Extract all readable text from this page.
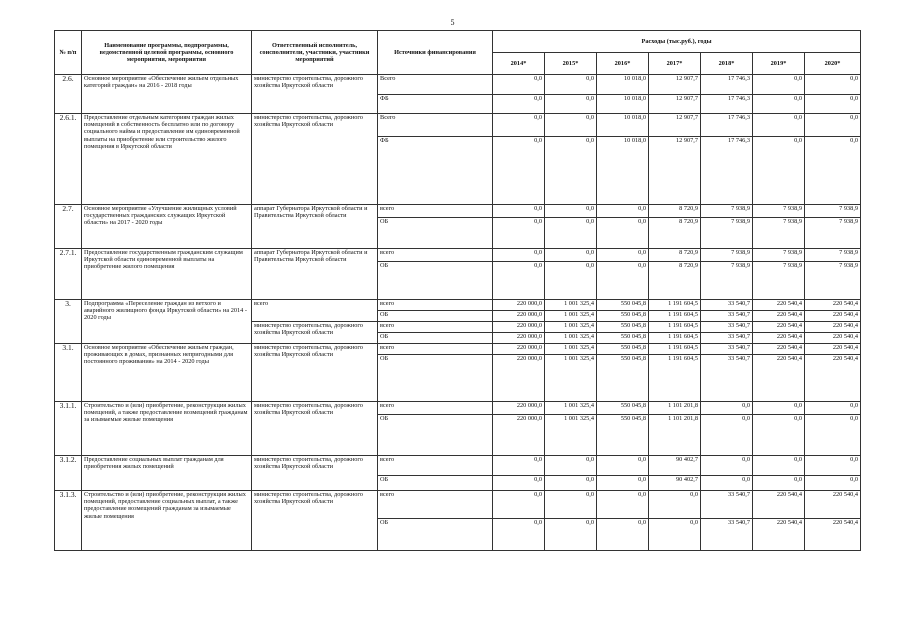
5
№ п/п	Наименование программы, подпрограммы, ведомственной целевой программы, основного мероприятия, мероприятия	Ответственный исполнитель, соисполнители, участники, участники мероприятий	Источники финансирования	Расходы (тыс.руб.), годы						
				2014*	2015*	2016*	2017*	2018*	2019*	2020*
2.6.	Основное мероприятие «Обеспечение жильем отдельных категорий граждан» на 2016 - 2018 годы	министерство строительства, дорожного хозяйства Иркутской области	Всего	0,0	0,0	10 018,0	12 907,7	17 746,3	0,0	0,0
			ФБ	0,0	0,0	10 018,0	12 907,7	17 746,3	0,0	0,0
2.6.1.	Предоставление отдельным категориям граждан жилых помещений в собственность бесплатно или по договору социального найма и предоставление им единовременной выплаты на приобретение или строительство жилого помещения в Иркутской области	министерство строительства, дорожного хозяйства Иркутской области	Всего	0,0	0,0	10 018,0	12 907,7	17 746,3	0,0	0,0
			ФБ	0,0	0,0	10 018,0	12 907,7	17 746,3	0,0	0,0
2.7.	Основное мероприятие «Улучшение жилищных условий государственных гражданских служащих Иркутской области» на 2017 - 2020 годы	аппарат Губернатора Иркутской области и Правительства Иркутской области	всего	0,0	0,0	0,0	8 720,9	7 938,9	7 938,9	7 938,9
			ОБ	0,0	0,0	0,0	8 720,9	7 938,9	7 938,9	7 938,9
2.7.1.	Предоставление государственным гражданским служащим Иркутской области единовременной выплаты на приобретение жилого помещения	аппарат Губернатора Иркутской области и Правительства Иркутской области	всего	0,0	0,0	0,0	8 720,9	7 938,9	7 938,9	7 938,9
			ОБ	0,0	0,0	0,0	8 720,9	7 938,9	7 938,9	7 938,9
3.	Подпрограмма «Переселение граждан из ветхого и аварийного жилищного фонда Иркутской области» на 2014 - 2020 годы	всего	всего	220 000,0	1 001 325,4	550 045,8	1 191 604,5	33 540,7	220 540,4	220 540,4
			ОБ	220 000,0	1 001 325,4	550 045,8	1 191 604,5	33 540,7	220 540,4	220 540,4
		министерство строительства, дорожного хозяйства Иркутской области	всего	220 000,0	1 001 325,4	550 045,8	1 191 604,5	33 540,7	220 540,4	220 540,4
			ОБ	220 000,0	1 001 325,4	550 045,8	1 191 604,5	33 540,7	220 540,4	220 540,4
3.1.	Основное мероприятие «Обеспечение жильем граждан, проживающих в домах, признанных непригодными для постоянного проживания» на 2014 - 2020 годы	министерство строительства, дорожного хозяйства Иркутской области	всего	220 000,0	1 001 325,4	550 045,8	1 191 604,5	33 540,7	220 540,4	220 540,4
			ОБ	220 000,0	1 001 325,4	550 045,8	1 191 604,5	33 540,7	220 540,4	220 540,4
3.1.1.	Строительство и (или) приобретение, реконструкция жилых помещений, а также предоставление возмещений гражданам за изымаемые жилые помещения	министерство строительства, дорожного хозяйства Иркутской области	всего	220 000,0	1 001 325,4	550 045,8	1 101 201,8	0,0	0,0	0,0
			ОБ	220 000,0	1 001 325,4	550 045,8	1 101 201,8	0,0	0,0	0,0
3.1.2.	Предоставление социальных выплат гражданам для приобретения жилых помещений	министерство строительства, дорожного хозяйства Иркутской области	всего	0,0	0,0	0,0	90 402,7	0,0	0,0	0,0
			ОБ	0,0	0,0	0,0	90 402,7	0,0	0,0	0,0
3.1.3.	Строительство и (или) приобретение, реконструкция жилых помещений, предоставление социальных выплат, а также предоставление возмещений гражданам за изымаемые жилые помещения	министерство строительства, дорожного хозяйства Иркутской области	всего	0,0	0,0	0,0	0,0	33 540,7	220 540,4	220 540,4
			ОБ	0,0	0,0	0,0	0,0	33 540,7	220 540,4	220 540,4
